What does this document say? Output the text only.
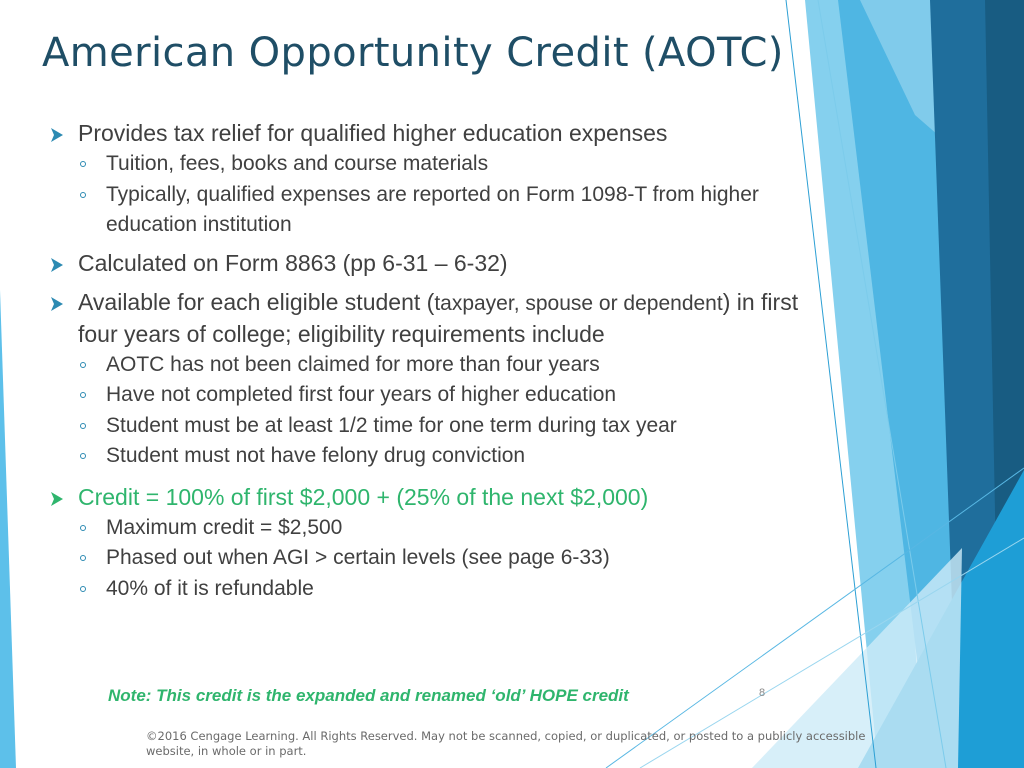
American Opportunity Credit (AOTC)
Provides tax relief for qualified higher education expenses
Tuition, fees, books and course materials
Typically, qualified expenses are reported on Form 1098-T from higher education institution
Calculated on Form 8863 (pp 6-31 – 6-32)
Available for each eligible student (taxpayer, spouse or dependent) in first four years of college; eligibility requirements include
AOTC has not been claimed for more than four years
Have not completed first four years of higher education
Student must be at least 1/2 time for one term during tax year
Student must not have felony drug conviction
Credit = 100% of first $2,000 + (25% of the next $2,000)
Maximum credit = $2,500
Phased out when AGI > certain levels (see page 6-33)
40% of it is refundable
Note: This credit is the expanded and renamed ‘old’ HOPE credit	8
©2016 Cengage Learning. All Rights Reserved. May not be scanned, copied, or duplicated, or posted to a publicly accessible website, in whole or in part.
